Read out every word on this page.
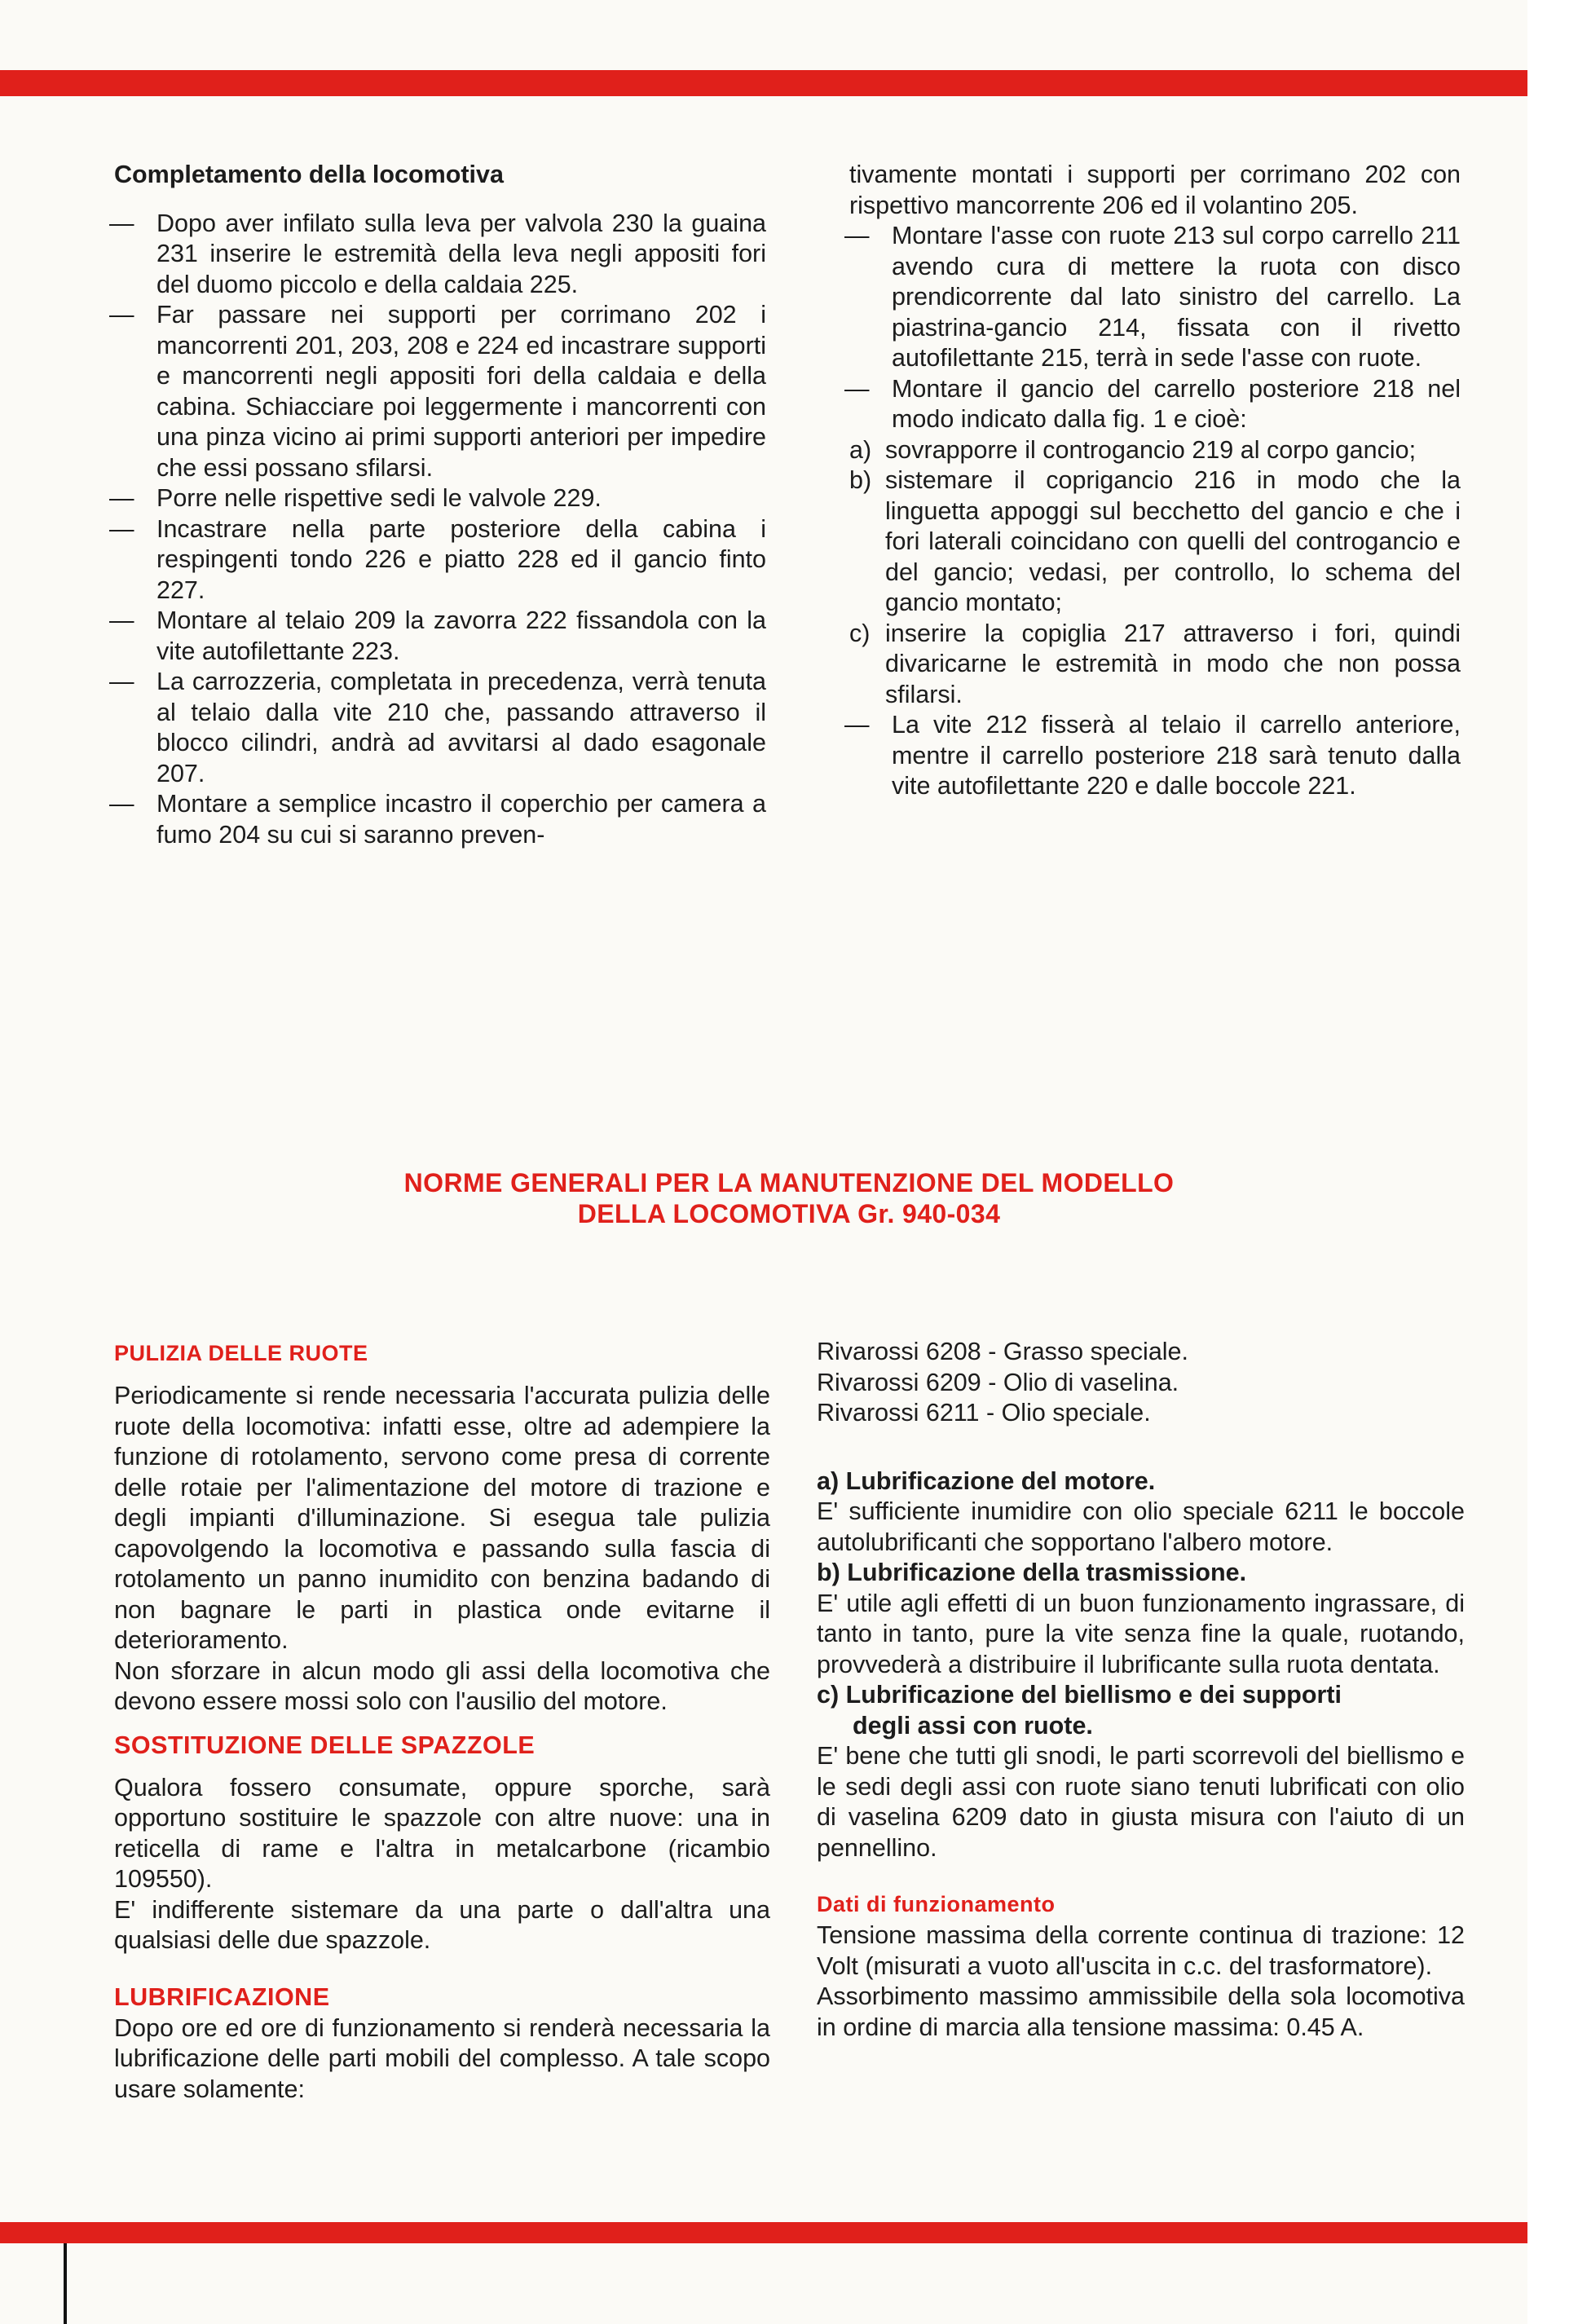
Completamento della locomotiva
— Dopo aver infilato sulla leva per valvola 230 la guaina 231 inserire le estremità della leva negli appositi fori del duomo piccolo e della caldaia 225.
— Far passare nei supporti per corrimano 202 i mancorrenti 201, 203, 208 e 224 ed incastrare supporti e mancorrenti negli appositi fori della caldaia e della cabina. Schiacciare poi leggermente i mancorrenti con una pinza vicino ai primi supporti anteriori per impedire che essi possano sfilarsi.
— Porre nelle rispettive sedi le valvole 229.
— Incastrare nella parte posteriore della cabina i respingenti tondo 226 e piatto 228 ed il gancio finto 227.
— Montare al telaio 209 la zavorra 222 fissandola con la vite autofilettante 223.
— La carrozzeria, completata in precedenza, verrà tenuta al telaio dalla vite 210 che, passando attraverso il blocco cilindri, andrà ad avvitarsi al dado esagonale 207.
— Montare a semplice incastro il coperchio per camera a fumo 204 su cui si saranno preven-
tivamente montati i supporti per corrimano 202 con rispettivo mancorrente 206 ed il volantino 205.
— Montare l'asse con ruote 213 sul corpo carrello 211 avendo cura di mettere la ruota con disco prendicorrente dal lato sinistro del carrello. La piastrina-gancio 214, fissata con il rivetto autofilettante 215, terrà in sede l'asse con ruote.
— Montare il gancio del carrello posteriore 218 nel modo indicato dalla fig. 1 e cioè:
a) sovrapporre il controgancio 219 al corpo gancio;
b) sistemare il coprigancio 216 in modo che la linguetta appoggi sul becchetto del gancio e che i fori laterali coincidano con quelli del controgancio e del gancio; vedasi, per controllo, lo schema del gancio montato;
c) inserire la copiglia 217 attraverso i fori, quindi divaricarne le estremità in modo che non possa sfilarsi.
— La vite 212 fisserà al telaio il carrello anteriore, mentre il carrello posteriore 218 sarà tenuto dalla vite autofilettante 220 e dalle boccole 221.
NORME GENERALI PER LA MANUTENZIONE DEL MODELLO
DELLA LOCOMOTIVA Gr. 940-034
PULIZIA DELLE RUOTE

Periodicamente si rende necessaria l'accurata pulizia delle ruote della locomotiva: infatti esse, oltre ad adempiere la funzione di rotolamento, servono come presa di corrente delle rotaie per l'alimentazione del motore di trazione e degli impianti d'illuminazione. Si esegua tale pulizia capovolgendo la locomotiva e passando sulla fascia di rotolamento un panno inumidito con benzina badando di non bagnare le parti in plastica onde evitarne il deterioramento.

Non sforzare in alcun modo gli assi della locomotiva che devono essere mossi solo con l'ausilio del motore.

SOSTITUZIONE DELLE SPAZZOLE

Qualora fossero consumate, oppure sporche, sarà opportuno sostituire le spazzole con altre nuove: una in reticella di rame e l'altra in metalcarbone (ricambio 109550).

E' indifferente sistemare da una parte o dall'altra una qualsiasi delle due spazzole.

LUBRIFICAZIONE

Dopo ore ed ore di funzionamento si renderà necessaria la lubrificazione delle parti mobili del complesso. A tale scopo usare solamente:

Rivarossi 6208 - Grasso speciale.

Rivarossi 6209 - Olio di vaselina.

Rivarossi 6211 - Olio speciale.

a) Lubrificazione del motore.

E' sufficiente inumidire con olio speciale 6211 le boccole autolubrificanti che sopportano l'albero motore.

b) Lubrificazione della trasmissione.

E' utile agli effetti di un buon funzionamento ingrassare, di tanto in tanto, pure la vite senza fine la quale, ruotando, provvederà a distribuire il lubrificante sulla ruota dentata.

c) Lubrificazione del biellismo e dei supporti

degli assi con ruote.

E' bene che tutti gli snodi, le parti scorrevoli del biellismo e le sedi degli assi con ruote siano tenuti lubrificati con olio di vaselina 6209 dato in giusta misura con l'aiuto di un pennellino.

Dati di funzionamento

Tensione massima della corrente continua di trazione: 12 Volt (misurati a vuoto all'uscita in c.c. del trasformatore).

Assorbimento massimo ammissibile della sola locomotiva in ordine di marcia alla tensione massima: 0.45 A.
